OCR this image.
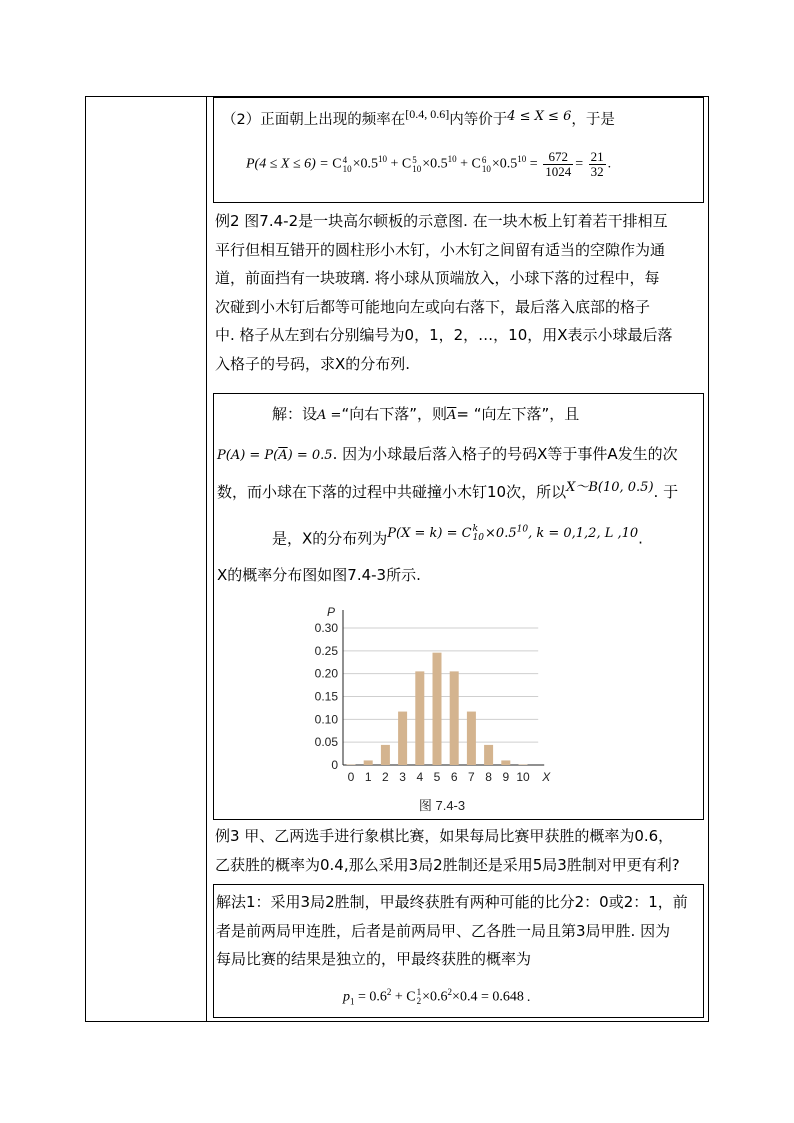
（2）正面朝上出现的频率在[0.4, 0.6]内等价于4 ≤ X ≤ 6，于是
P(4 ≤ X ≤ 6) = C 4
$10 \times 0.5^{10} + C$ 5
$10 \times 0.5^{10} + C$ 6
$10 \times 0.5^{10} = \frac{672}{1024} = \frac{21}{32}$ .
例2 图7.4-2是一块高尔顿板的示意图. 在一块木板上钉着若干排相互
平行但相互错开的圆柱形小木钉，小木钉之间留有适当的空隙作为通
道，前面挡有一块玻璃. 将小球从顶端放入，小球下落的过程中，每
次碰到小木钉后都等可能地向左或向右落下，最后落入底部的格子
中. 格子从左到右分别编号为0，1，2，…，10，用X表示小球最后落
入格子的号码，求X的分布列.
解：设A =“向右下落”，则$\overline{A}=$ “向左下落”，且
$P(A) = P(\overline{A}) = 0.5$. 因为小球最后落入格子的号码X等于事件A发生的次
数，而小球在下落的过程中共碰撞小木钉10次，所以X～B(10, 0.5). 于
是，X的分布列为P(X = k) = C k
$10 \times 0.5^{10}$, k = 0,1,2, L ,10.
X的概率分布图如图7.4-3所示.
0
0.05
0.10
0.15
0.20
0.25
0.30
P
X
0 1 2 3 4 5 6 7 8 9 10
图 7.4-3
例3 甲、乙两选手进行象棋比赛，如果每局比赛甲获胜的概率为0.6，
乙获胜的概率为0.4,那么采用3局2胜制还是采用5局3胜制对甲更有利?
解法1：采用3局2胜制，甲最终获胜有两种可能的比分2：0或2：1，前
者是前两局甲连胜，后者是前两局甲、乙各胜一局且第3局甲胜. 因为
每局比赛的结果是独立的，甲最终获胜的概率为
$p_1 = 0.6^2 + C$ 1
$2 \times 0.6^2\times 0.4 = 0.648$ .
